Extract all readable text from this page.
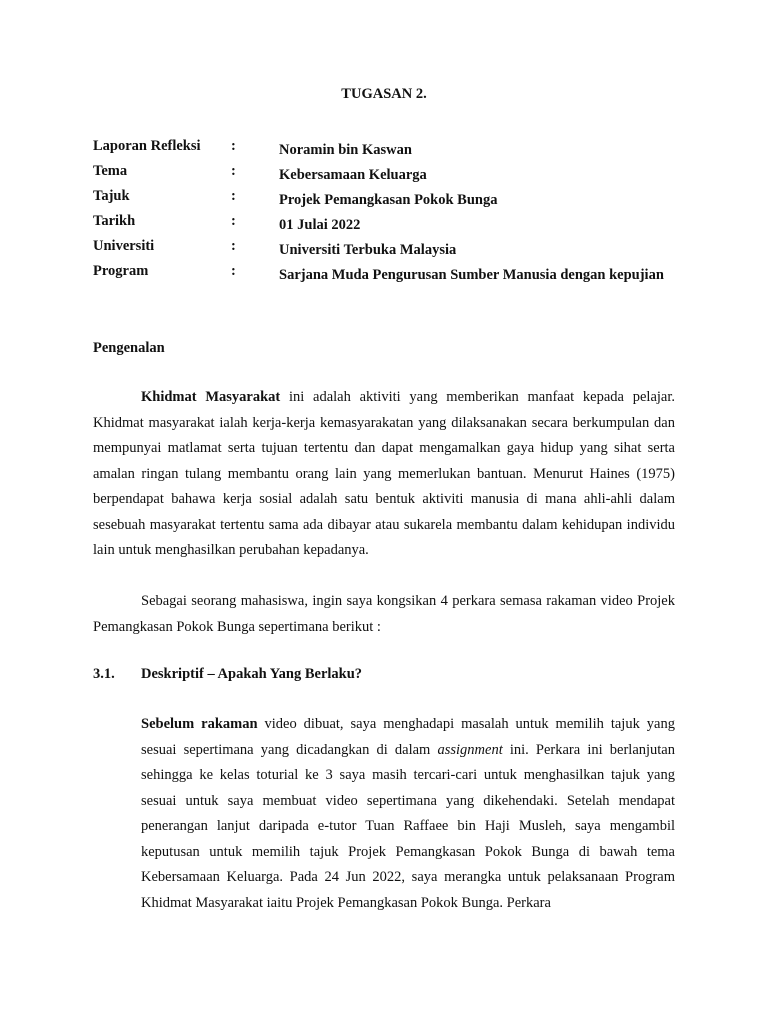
TUGASAN 2.
Laporan Refleksi :	Noramin bin Kaswan
Tema	:	Kebersamaan Keluarga
Tajuk	:	Projek Pemangkasan Pokok Bunga
Tarikh	:	01 Julai 2022
Universiti	:	Universiti Terbuka Malaysia
Program	:	Sarjana Muda Pengurusan Sumber Manusia dengan kepujian
Pengenalan

Khidmat Masyarakat ini adalah aktiviti yang memberikan manfaat kepada pelajar. Khidmat masyarakat ialah kerja-kerja kemasyarakatan yang dilaksanakan secara berkumpulan dan mempunyai matlamat serta tujuan tertentu dan dapat mengamalkan gaya hidup yang sihat serta amalan ringan tulang membantu orang lain yang memerlukan bantuan. Menurut Haines (1975) berpendapat bahawa kerja sosial adalah satu bentuk aktiviti manusia di mana ahli-ahli dalam sesebuah masyarakat tertentu sama ada dibayar atau sukarela membantu dalam kehidupan individu lain untuk menghasilkan perubahan kepadanya.

Sebagai seorang mahasiswa, ingin saya kongsikan 4 perkara semasa rakaman video Projek Pemangkasan Pokok Bunga sepertimana berikut :

3.1. Deskriptif – Apakah Yang Berlaku?

Sebelum rakaman video dibuat, saya menghadapi masalah untuk memilih tajuk yang sesuai sepertimana yang dicadangkan di dalam assignment ini. Perkara ini berlanjutan sehingga ke kelas toturial ke 3 saya masih tercari-cari untuk menghasilkan tajuk yang sesuai untuk saya membuat video sepertimana yang dikehendaki. Setelah mendapat penerangan lanjut daripada e-tutor Tuan Raffaee bin Haji Musleh, saya mengambil keputusan untuk memilih tajuk Projek Pemangkasan Pokok Bunga di bawah tema Kebersamaan Keluarga. Pada 24 Jun 2022, saya merangka untuk pelaksanaan Program Khidmat Masyarakat iaitu Projek Pemangkasan Pokok Bunga. Perkara
